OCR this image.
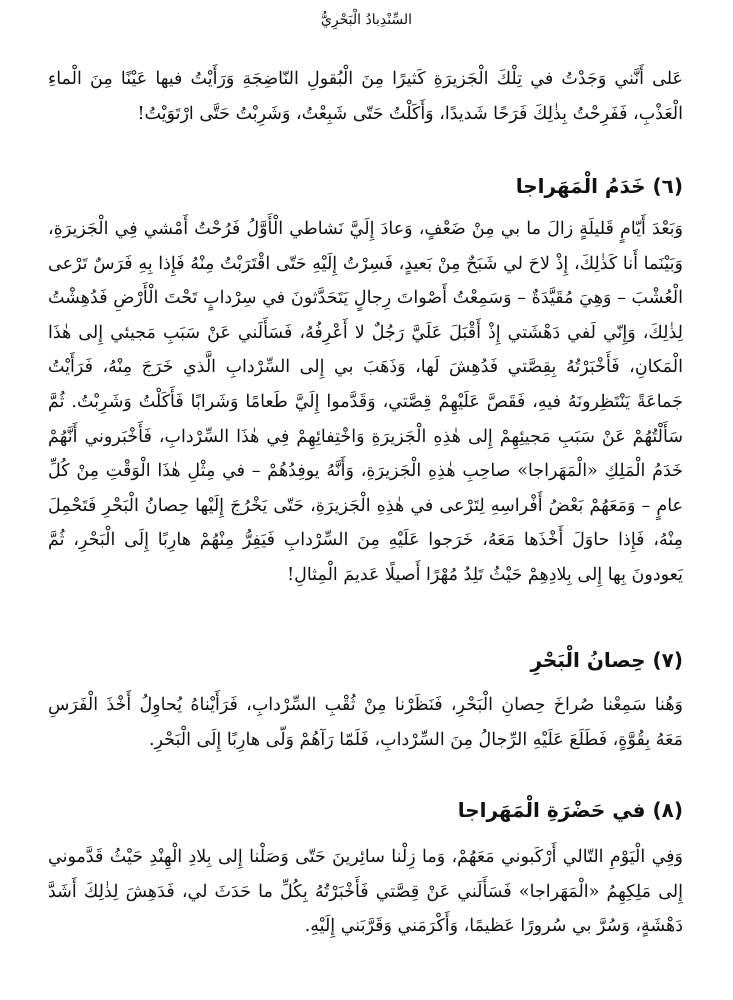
السِّنْدِبادُ الْبَحْرِيُّ

عَلى أَنَّني وَجَدْتُ في تِلْكَ الْجَزيرَةِ كَثيرًا مِنَ الْبُقولِ النّاضِجَةِ وَرَأَيْتُ فيها عَيْنًا مِنَ الْماءِ الْعَذْبِ، فَفَرِحْتُ بِذٰلِكَ فَرَحًا شَديدًا، وَأَكَلْتُ حَتّى شَبِعْتُ، وَشَرِبْتُ حَتَّى ارْتَوَيْتُ!

(٦) خَدَمُ الْمَهَراجا

وَبَعْدَ أَيّامٍ قَليلَةٍ زالَ ما بي مِنْ ضَعْفٍ، وَعادَ إِلَيَّ نَشاطي الْأَوَّلُ فَرُحْتُ أَمْشي فِي الْجَزيرَةِ، وَبَيْنَما أَنا كَذٰلِكَ، إِذْ لاحَ لي شَبَحٌ مِنْ بَعيدٍ، فَسِرْتُ إِلَيْهِ حَتّى اقْتَرَبْتُ مِنْهُ فَإِذا بِهِ فَرَسٌ تَرْعى الْعُشْبَ – وَهِيَ مُقَيَّدَةٌ – وَسَمِعْتُ أَصْواتَ رِجالٍ يَتَحَدَّثونَ في سِرْدابٍ تَحْتَ الْأَرْضِ فَدُهِشْتُ لِذٰلِكَ، وَإِنّي لَفي دَهْشَتي إِذْ أَقْبَلَ عَلَيَّ رَجُلٌ لا أَعْرِفُهُ، فَسَأَلَني عَنْ سَبَبِ مَجيئي إِلى هٰذَا الْمَكانِ، فَأَخْبَرْتُهُ بِقِصَّتي فَدُهِشَ لَها، وَذَهَبَ بي إِلى السِّرْدابِ الَّذي خَرَجَ مِنْهُ، فَرَأَيْتُ جَماعَةً يَنْتَظِرونَهُ فيهِ، فَقَصَّ عَلَيْهِمْ قِصَّتي، وَقَدَّموا إِلَيَّ طَعامًا وَشَرابًا فَأَكَلْتُ وَشَرِبْتُ. ثُمَّ سَأَلْتُهُمْ عَنْ سَبَبِ مَجيئِهِمْ إِلى هٰذِهِ الْجَزيرَةِ وَاخْتِفائِهِمْ فِي هٰذَا السِّرْدابِ، فَأَخْبَروني أَنَّهُمْ خَدَمُ الْمَلِكِ «الْمَهَراجا» صاحِبِ هٰذِهِ الْجَزيرَةِ، وَأَنَّهُ يوفِدُهُمْ – في مِثْلِ هٰذَا الْوَقْتِ مِنْ كُلِّ عامٍ – وَمَعَهُمْ بَعْضُ أَفْراسِهِ لِتَرْعى في هٰذِهِ الْجَزيرَةِ، حَتّى يَخْرُجَ إِلَيْها حِصانُ الْبَحْرِ فَتَحْمِلَ مِنْهُ، فَإِذا حاوَلَ أَخْذَها مَعَهُ، خَرَجوا عَلَيْهِ مِنَ السِّرْدابِ فَيَفِرُّ مِنْهُمْ هارِبًا إِلَى الْبَحْرِ، ثُمَّ يَعودونَ بِها إِلى بِلادِهِمْ حَيْثُ تَلِدُ مُهْرًا أَصيلًا عَديمَ الْمِثالِ!

(٧) حِصانُ الْبَحْرِ

وَهُنا سَمِعْنا صُراخَ حِصانِ الْبَحْرِ، فَنَظَرْنا مِنْ ثُقْبِ السِّرْدابِ، فَرَأَيْناهُ يُحاوِلُ أَخْذَ الْفَرَسِ مَعَهُ بِقُوَّةٍ، فَطَلَعَ عَلَيْهِ الرِّجالُ مِنَ السِّرْدابِ، فَلَمّا رَآهُمْ وَلّى هارِبًا إِلَى الْبَحْرِ.

(٨) في حَضْرَةِ الْمَهَراجا

وَفِي الْيَوْمِ التّالي أَرْكَبوني مَعَهُمْ، وَما زِلْنا سائِرينَ حَتّى وَصَلْنا إِلى بِلادِ الْهِنْدِ حَيْثُ قَدَّموني إِلى مَلِكِهِمُ «الْمَهَراجا» فَسَأَلَني عَنْ قِصَّتي فَأَخْبَرْتُهُ بِكُلِّ ما حَدَثَ لي، فَدَهِشَ لِذٰلِكَ أَشَدَّ دَهْشَةٍ، وَسُرَّ بي سُرورًا عَظيمًا، وَأَكْرَمَني وَقَرَّبَني إِلَيْهِ.
